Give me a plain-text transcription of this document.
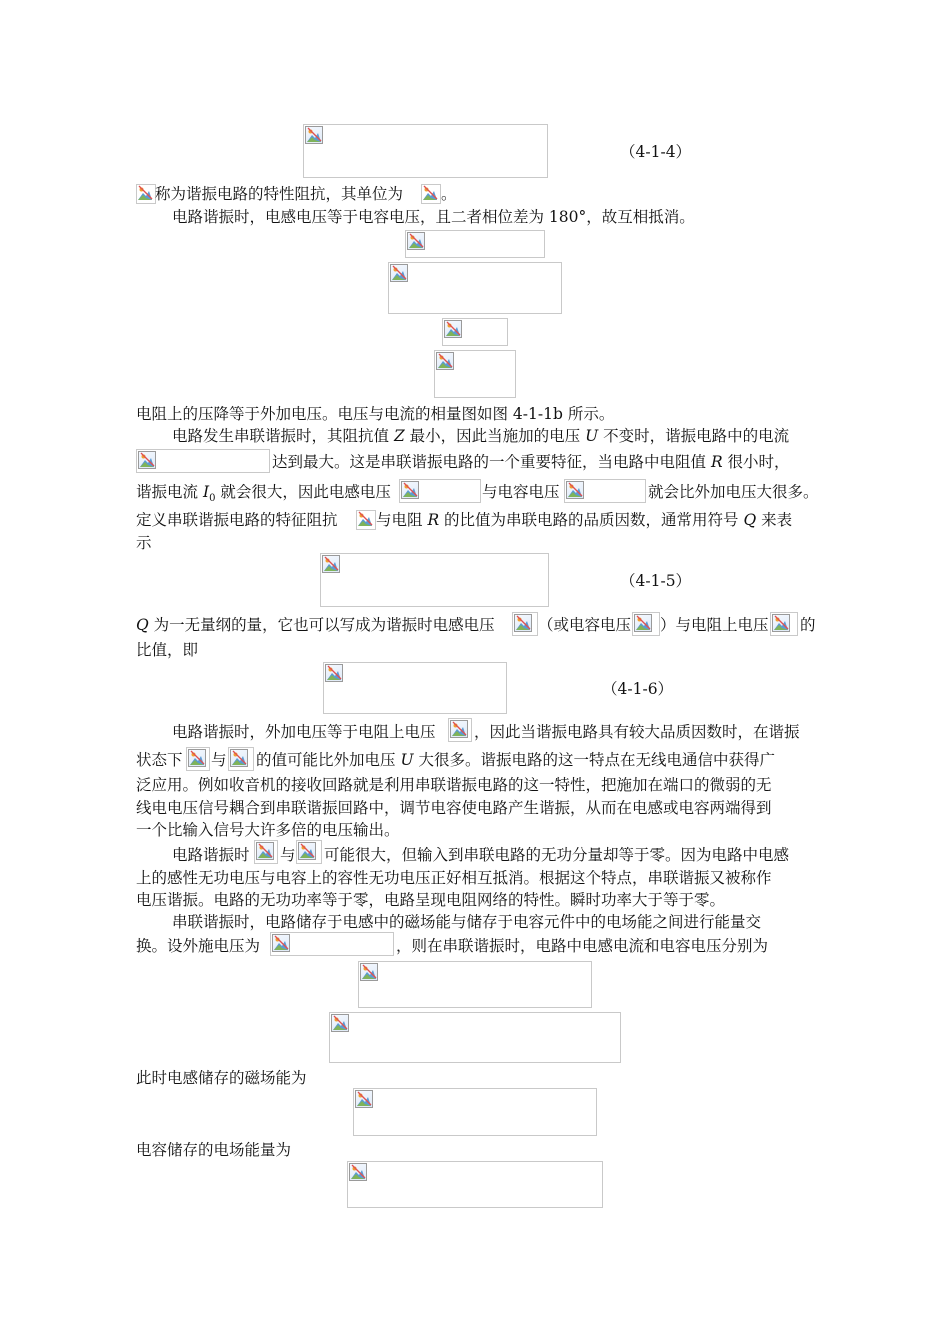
（4-1-4）
称为谐振电路的特性阻抗，其单位为 。
电路谐振时，电感电压等于电容电压，且二者相位差为 180°，故互相抵消。
电阻上的压降等于外加电压。电压与电流的相量图如图 4-1-1b 所示。
电路发生串联谐振时，其阻抗值 Z 最小，因此当施加的电压 U 不变时，谐振电路中的电流
达到最大。这是串联谐振电路的一个重要特征，当电路中电阻值 R 很小时，
谐振电流 $I_0$ 就会很大，因此电感电压	与电容电压	就会比外加电压大很多。
定义串联谐振电路的特征阻抗 与电阻 R 的比值为串联电路的品质因数，通常用符号 Q 来表
示
（4-1-5）
Q 为一无量纲的量，它也可以写成为谐振时电感电压	（或电容电压 ）与电阻上电压 的
比值，即
（4-1-6）
电路谐振时，外加电压等于电阻上电压 ，因此当谐振电路具有较大品质因数时，在谐振
状态下 与 的值可能比外加电压 U 大很多。谐振电路的这一特点在无线电通信中获得广
泛应用。例如收音机的接收回路就是利用串联谐振电路的这一特性，把施加在端口的微弱的无
线电电压信号耦合到串联谐振回路中，调节电容使电路产生谐振，从而在电感或电容两端得到
一个比输入信号大许多倍的电压输出。
电路谐振时 与 可能很大，但输入到串联电路的无功分量却等于零。因为电路中电感
上的感性无功电压与电容上的容性无功电压正好相互抵消。根据这个特点，串联谐振又被称作
电压谐振。电路的无功功率等于零，电路呈现电阻网络的特性。瞬时功率大于等于零。
串联谐振时，电路储存于电感中的磁场能与储存于电容元件中的电场能之间进行能量交
换。设外施电压为	，则在串联谐振时，电路中电感电流和电容电压分别为
此时电感储存的磁场能为
电容储存的电场能量为
